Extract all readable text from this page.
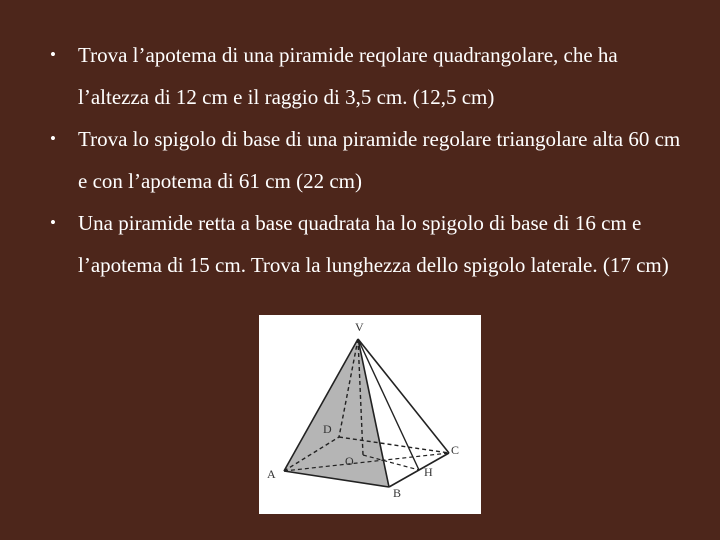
• Trova l’apotema di una piramide reqolare quadrangolare, che ha l’altezza di 12 cm e il raggio di 3,5 cm. (12,5 cm)
• Trova lo spigolo di base di una piramide regolare triangolare alta 60 cm e con l’apotema di 61 cm (22 cm)
• Una piramide retta a base quadrata ha lo spigolo di base di 16 cm e l’apotema di 15 cm. Trova la lunghezza dello spigolo laterale. (17 cm)
V
D
C
O
A	H
B
